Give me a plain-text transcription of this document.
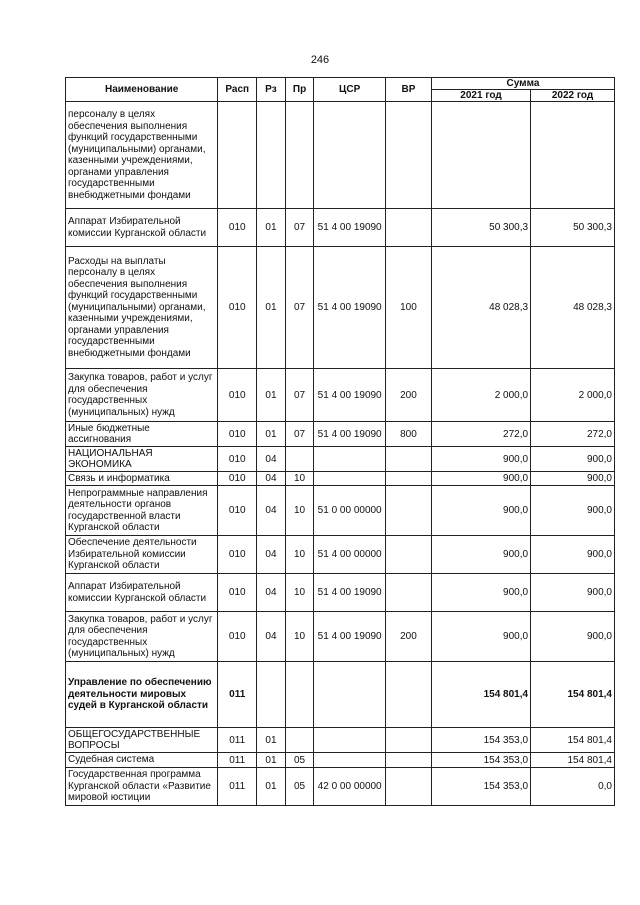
246
Наименование	Расп	Рз	Пр	ЦСР	ВР	Сумма	
						2021 год	2022 год
персоналу в целях обеспечения выполнения функций государственными (муниципальными) органами, казенными учреждениями, органами управления государственными внебюджетными фондами							
Аппарат Избирательной комиссии Курганской области	010	01	07	51 4 00 19090		50 300,3	50 300,3
Расходы на выплаты персоналу в целях обеспечения выполнения функций государственными (муниципальными) органами, казенными учреждениями, органами управления государственными внебюджетными фондами	010	01	07	51 4 00 19090	100	48 028,3	48 028,3
Закупка товаров, работ и услуг для обеспечения государственных (муниципальных) нужд	010	01	07	51 4 00 19090	200	2 000,0	2 000,0
Иные бюджетные ассигнования	010	01	07	51 4 00 19090	800	272,0	272,0
НАЦИОНАЛЬНАЯ ЭКОНОМИКА	010	04				900,0	900,0
Связь и информатика	010	04	10			900,0	900,0
Непрограммные направления деятельности органов государственной власти Курганской области	010	04	10	51 0 00 00000		900,0	900,0
Обеспечение деятельности Избирательной комиссии Курганской области	010	04	10	51 4 00 00000		900,0	900,0
Аппарат Избирательной комиссии Курганской области	010	04	10	51 4 00 19090		900,0	900,0
Закупка товаров, работ и услуг для обеспечения государственных (муниципальных) нужд	010	04	10	51 4 00 19090	200	900,0	900,0
Управление по обеспечению деятельности мировых судей в Курганской области	011					154 801,4	154 801,4
ОБЩЕГОСУДАРСТВЕННЫЕ ВОПРОСЫ	011	01				154 353,0	154 801,4
Судебная система	011	01	05			154 353,0	154 801,4
Государственная программа Курганской области «Развитие мировой юстиции	011	01	05	42 0 00 00000		154 353,0	0,0
